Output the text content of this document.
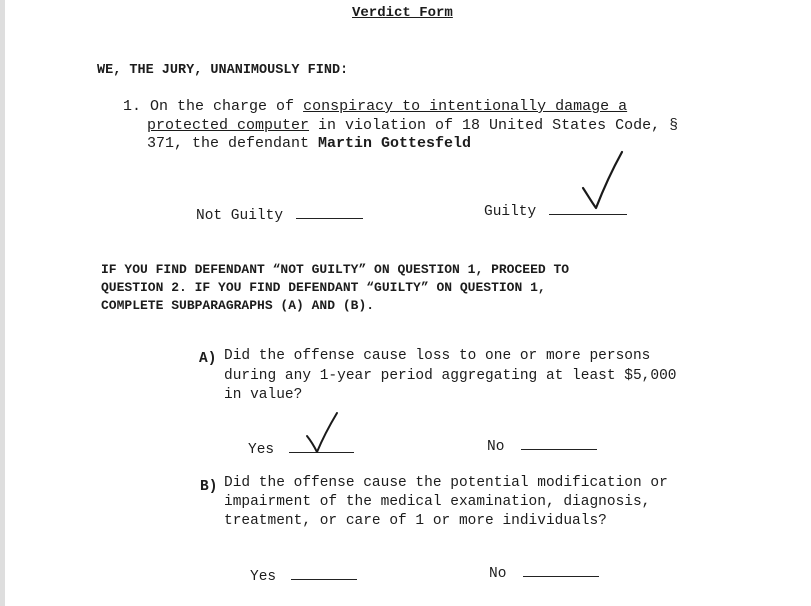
Verdict Form
WE, THE JURY, UNANIMOUSLY FIND:
1. On the charge of conspiracy to intentionally damage a
protected computer in violation of 18 United States Code, §
371, the defendant Martin Gottesfeld
Not Guilty	Guilty
IF YOU FIND DEFENDANT “NOT GUILTY” ON QUESTION 1, PROCEED TO
QUESTION 2. IF YOU FIND DEFENDANT “GUILTY” ON QUESTION 1,
COMPLETE SUBPARAGRAPHS (A) AND (B).
A) Did the offense cause loss to one or more persons
during any 1-year period aggregating at least $5,000
in value?
Yes	No
B) Did the offense cause the potential modification or
impairment of the medical examination, diagnosis,
treatment, or care of 1 or more individuals?
Yes	No
